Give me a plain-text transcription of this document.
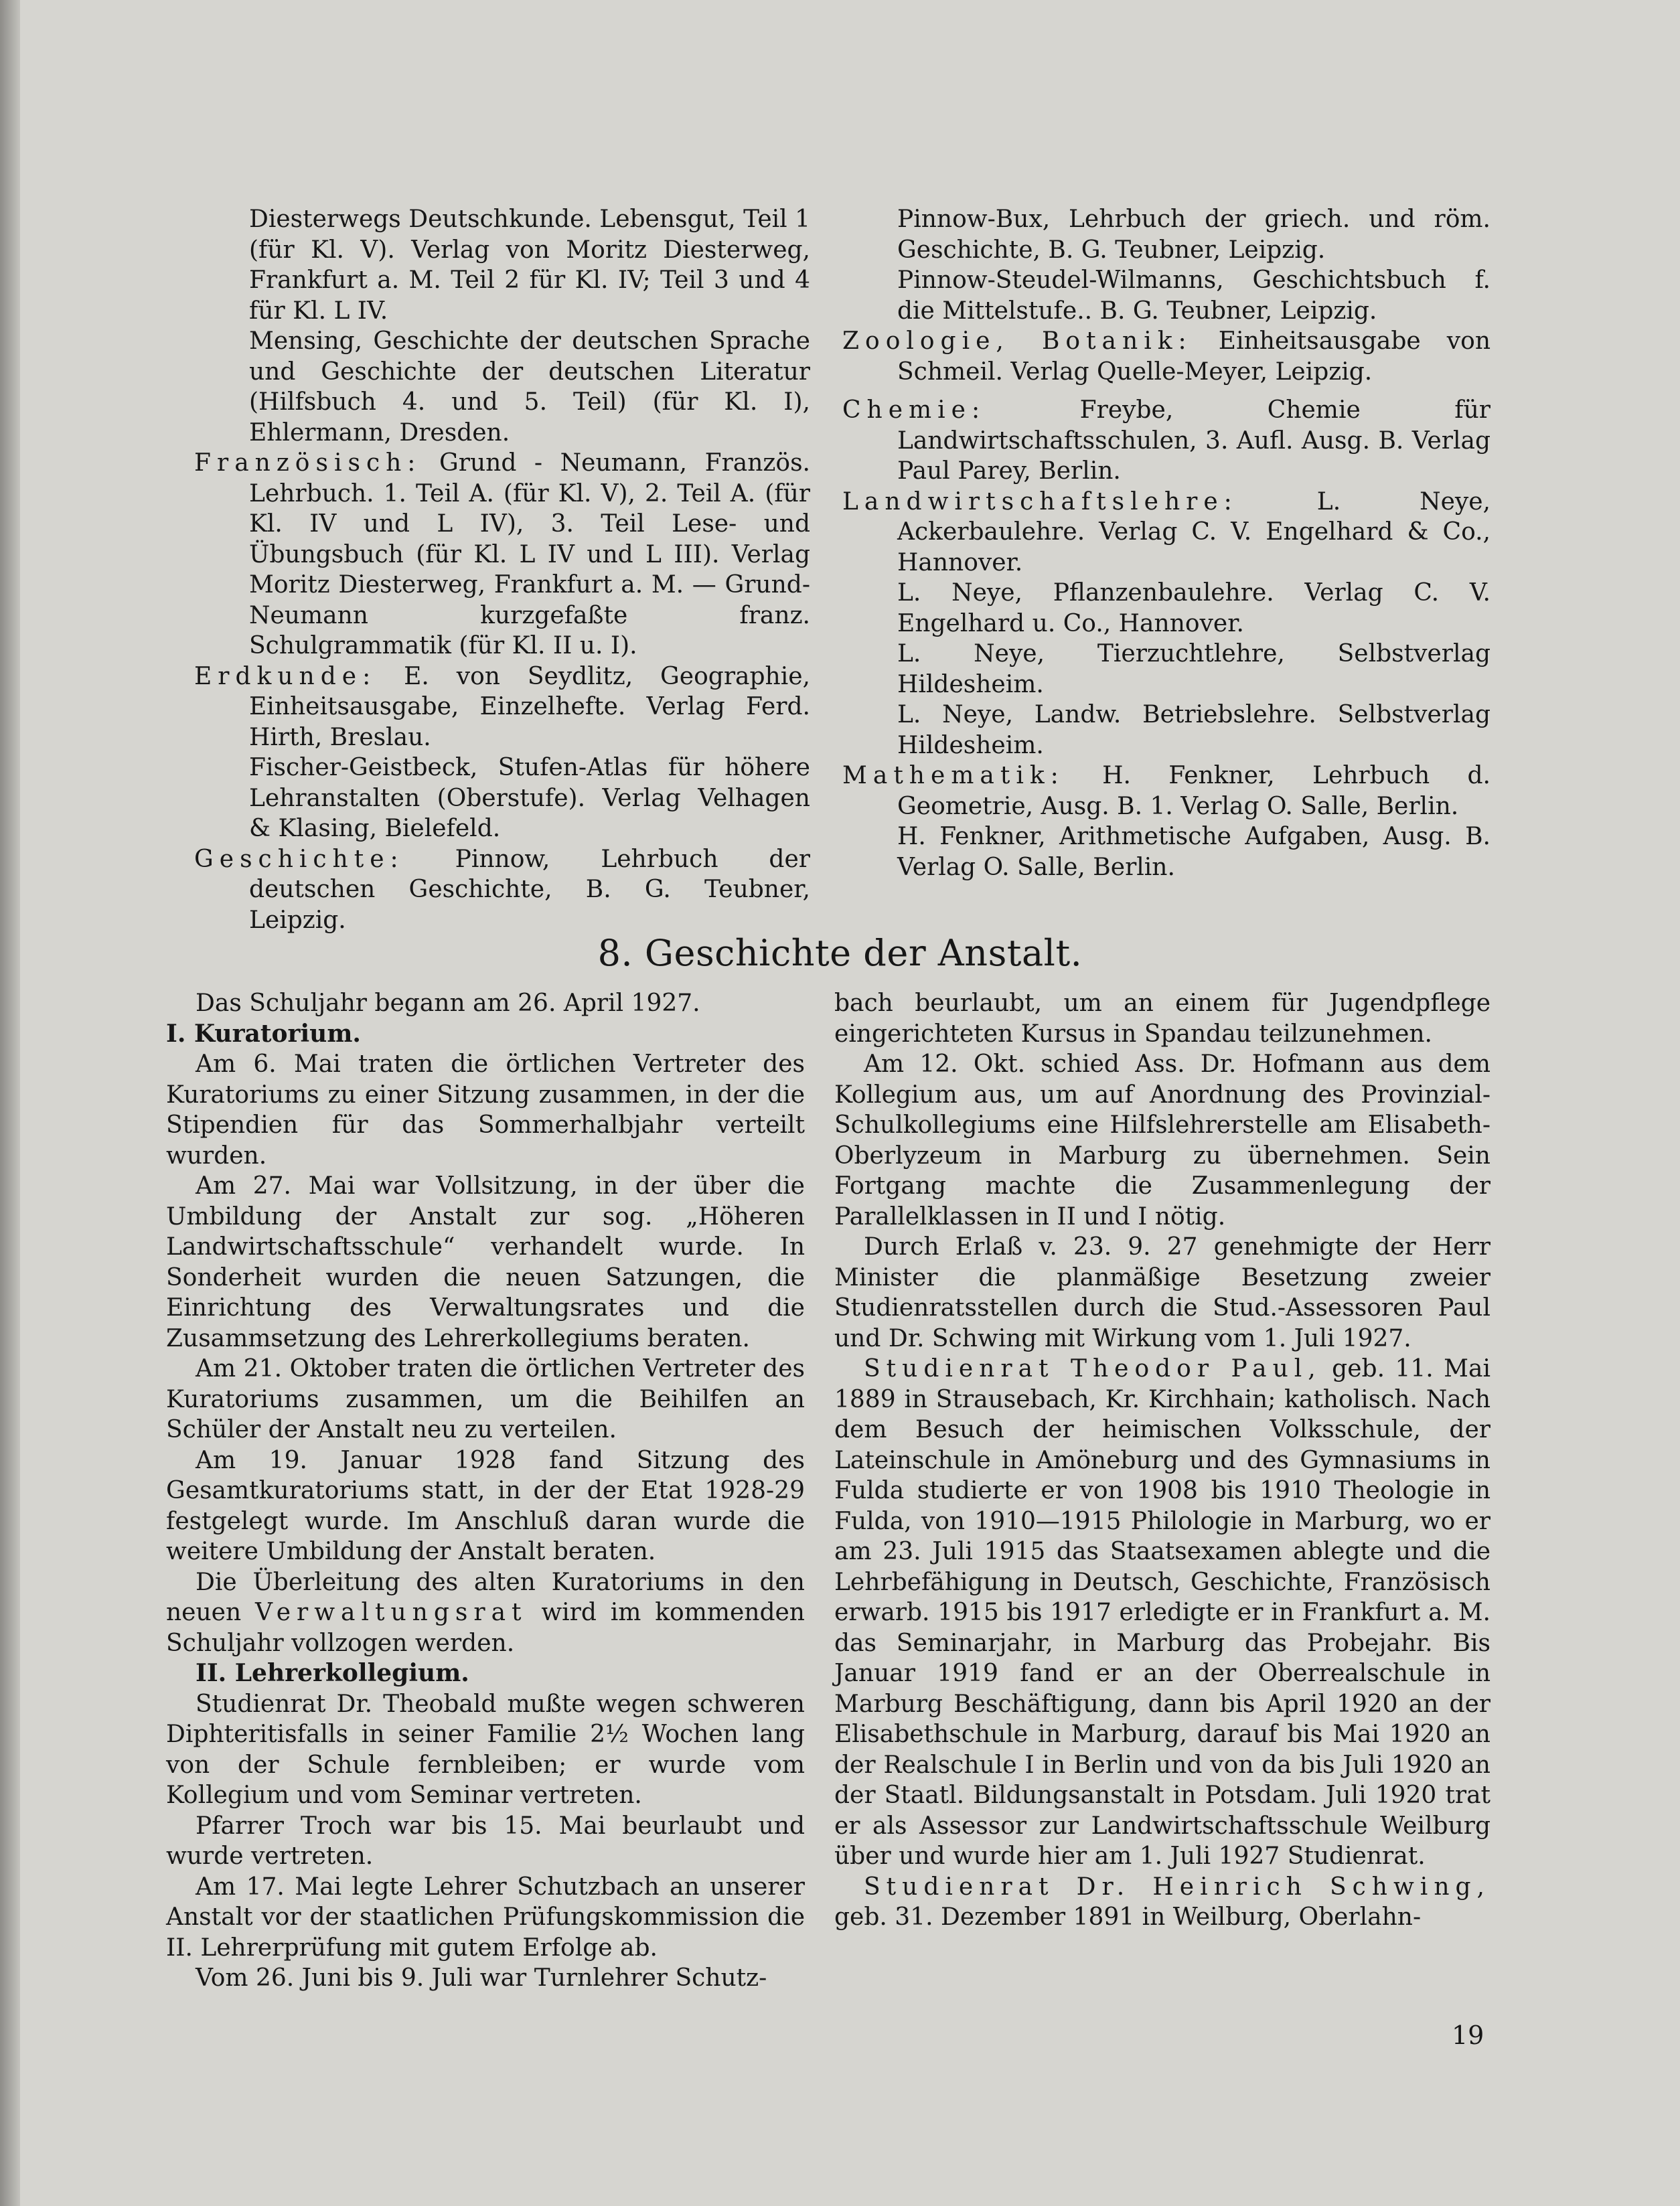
Diesterwegs Deutschkunde. Lebensgut, Teil 1 (für Kl. V). Verlag von Moritz Diesterweg, Frankfurt a. M. Teil 2 für Kl. IV; Teil 3 und 4 für Kl. L IV.

Mensing, Geschichte der deutschen Sprache und Geschichte der deutschen Literatur (Hilfsbuch 4. und 5. Teil) (für Kl. I), Ehlermann, Dresden.

Französisch: Grund - Neumann, Französ. Lehrbuch. 1. Teil A. (für Kl. V), 2. Teil A. (für Kl. IV und L IV), 3. Teil Lese- und Übungsbuch (für Kl. L IV und L III). Verlag Moritz Diesterweg, Frankfurt a. M. — Grund-Neumann kurzgefaßte franz. Schulgrammatik (für Kl. II u. I).

Erdkunde: E. von Seydlitz, Geographie, Einheitsausgabe, Einzelhefte. Verlag Ferd. Hirth, Breslau.

Fischer-Geistbeck, Stufen-Atlas für höhere Lehranstalten (Oberstufe). Verlag Velhagen & Klasing, Bielefeld.

Geschichte: Pinnow, Lehrbuch der deutschen Geschichte, B. G. Teubner, Leipzig.

Pinnow-Bux, Lehrbuch der griech. und röm. Geschichte, B. G. Teubner, Leipzig.

Pinnow-Steudel-Wilmanns, Geschichtsbuch f. die Mittelstufe.. B. G. Teubner, Leipzig.

Zoologie, Botanik: Einheitsausgabe von Schmeil. Verlag Quelle-Meyer, Leipzig.

Chemie:	Freybe, Chemie für Landwirtschaftsschulen, 3. Aufl. Ausg. B. Verlag Paul Parey, Berlin.

Landwirtschaftslehre:	L. Neye, Ackerbaulehre. Verlag C. V. Engelhard & Co., Hannover.

L. Neye, Pflanzenbaulehre. Verlag C. V. Engelhard u. Co., Hannover.

L. Neye, Tierzuchtlehre, Selbstverlag Hildesheim.

L. Neye, Landw. Betriebslehre. Selbstverlag Hildesheim.

Mathematik: H. Fenkner, Lehrbuch d. Geometrie, Ausg. B. 1. Verlag O. Salle, Berlin.

H. Fenkner, Arithmetische Aufgaben, Ausg. B. Verlag O. Salle, Berlin.

8. Geschichte der Anstalt.

Das Schuljahr begann am 26. April 1927.

I. Kuratorium.

Am 6. Mai traten die örtlichen Vertreter des Kuratoriums zu einer Sitzung zusammen, in der die Stipendien für das Sommerhalbjahr verteilt wurden.

Am 27. Mai war Vollsitzung, in der über die Umbildung der Anstalt zur sog. „Höheren Landwirtschaftsschule“ verhandelt wurde. In Sonderheit wurden die neuen Satzungen, die Einrichtung des Verwaltungsrates und die Zusammsetzung des Lehrerkollegiums beraten.

Am 21. Oktober traten die örtlichen Vertreter des Kuratoriums zusammen, um die Beihilfen an Schüler der Anstalt neu zu verteilen.

Am 19. Januar 1928 fand Sitzung des Gesamtkuratoriums statt, in der der Etat 1928-29 festgelegt wurde. Im Anschluß daran wurde die weitere Umbildung der Anstalt beraten.

Die Überleitung des alten Kuratoriums in den neuen Verwaltungsrat wird im kommenden Schuljahr vollzogen werden.

II. Lehrerkollegium.

Studienrat Dr. Theobald mußte wegen schweren Diphteritisfalls in seiner Familie 2½ Wochen lang von der Schule fernbleiben; er wurde vom Kollegium und vom Seminar vertreten.

Pfarrer Troch war bis 15. Mai beurlaubt und wurde vertreten.

Am 17. Mai legte Lehrer Schutzbach an unserer Anstalt vor der staatlichen Prüfungskommission die II. Lehrerprüfung mit gutem Erfolge ab.

Vom 26. Juni bis 9. Juli war Turnlehrer Schutz-

bach beurlaubt, um an einem für Jugendpflege eingerichteten Kursus in Spandau teilzunehmen.

Am 12. Okt. schied Ass. Dr. Hofmann aus dem Kollegium aus, um auf Anordnung des Provinzial-Schulkollegiums eine Hilfslehrerstelle am Elisabeth-Oberlyzeum in Marburg zu übernehmen. Sein Fortgang machte die Zusammenlegung der Parallelklassen in II und I nötig.

Durch Erlaß v. 23. 9. 27 genehmigte der Herr Minister die planmäßige Besetzung zweier Studienratsstellen durch die Stud.-Assessoren Paul und Dr. Schwing mit Wirkung vom 1. Juli 1927.

Studienrat Theodor Paul, geb. 11. Mai 1889 in Strausebach, Kr. Kirchhain; katholisch. Nach dem Besuch der heimischen Volksschule, der Lateinschule in Amöneburg und des Gymnasiums in Fulda studierte er von 1908 bis 1910 Theologie in Fulda, von 1910—1915 Philologie in Marburg, wo er am 23. Juli 1915 das Staatsexamen ablegte und die Lehrbefähigung in Deutsch, Geschichte, Französisch erwarb. 1915 bis 1917 erledigte er in Frankfurt a. M. das Seminarjahr, in Marburg das Probejahr. Bis Januar 1919 fand er an der Oberrealschule in Marburg Beschäftigung, dann bis April 1920 an der Elisabethschule in Marburg, darauf bis Mai 1920 an der Realschule I in Berlin und von da bis Juli 1920 an der Staatl. Bildungsanstalt in Potsdam. Juli 1920 trat er als Assessor zur Landwirtschaftsschule Weilburg über und wurde hier am 1. Juli 1927 Studienrat.

Studienrat Dr. Heinrich Schwing, geb. 31. Dezember 1891 in Weilburg, Oberlahn-

19
